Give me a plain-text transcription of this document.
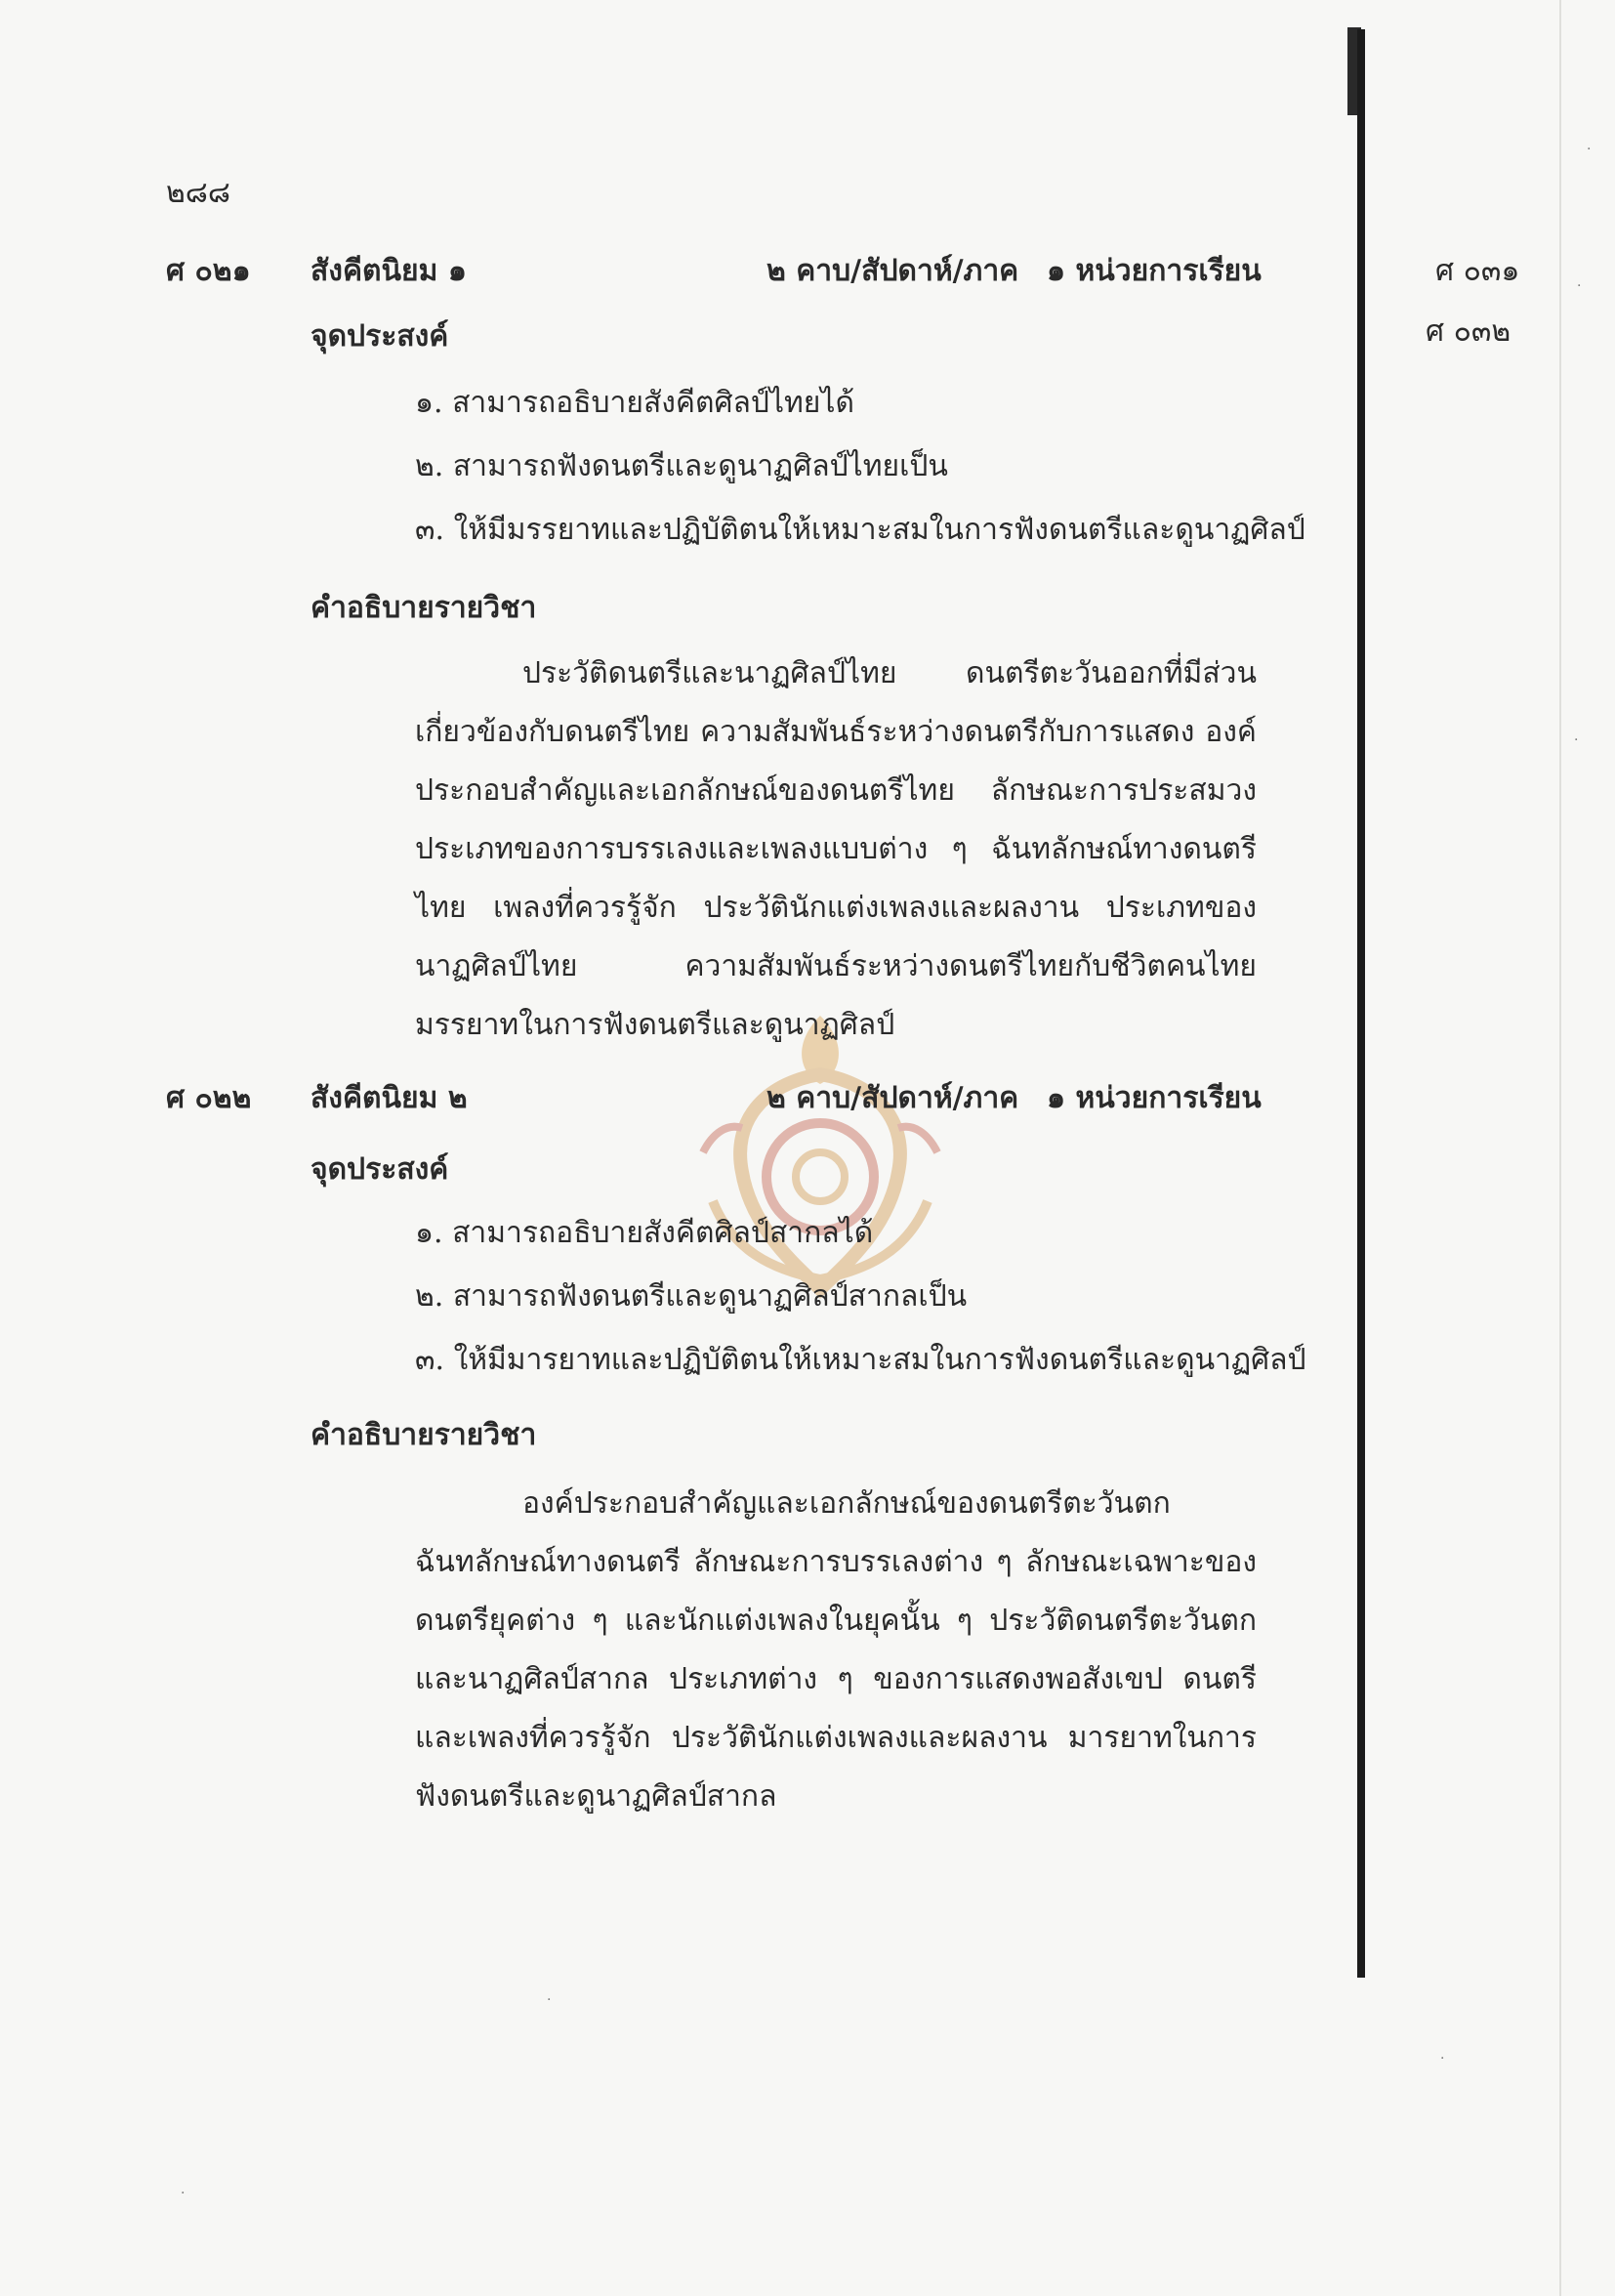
๒๘๘
ศ ๐๓๑
ศ ๐๓๒
ศ ๐๒๑ สังคีตนิยม ๑	๒ คาบ/สัปดาห์/ภาค ๑ หน่วยการเรียน
จุดประสงค์
๑. สามารถอธิบายสังคีตศิลป์ไทยได้
๒. สามารถฟังดนตรีและดูนาฏศิลป์ไทยเป็น
๓. ให้มีมรรยาทและปฏิบัติตนให้เหมาะสมในการฟังดนตรีและดูนาฏศิลป์
คำอธิบายรายวิชา
ประวัติดนตรีและนาฏศิลป์ไทย ดนตรีตะวันออกที่มีส่วนเกี่ยวข้องกับดนตรีไทย ความสัมพันธ์ระหว่างดนตรีกับการแสดง องค์ประกอบสำคัญและเอกลักษณ์ของดนตรีไทย ลักษณะการประสมวง ประเภทของการบรรเลงและเพลงแบบต่าง ๆ ฉันทลักษณ์ทางดนตรีไทย เพลงที่ควรรู้จัก ประวัตินักแต่งเพลงและผลงาน ประเภทของนาฏศิลป์ไทย ความสัมพันธ์ระหว่างดนตรีไทยกับชีวิตคนไทย มรรยาทในการฟังดนตรีและดูนาฏศิลป์
ศ ๐๒๒ สังคีตนิยม ๒	๒ คาบ/สัปดาห์/ภาค ๑ หน่วยการเรียน
จุดประสงค์
๑. สามารถอธิบายสังคีตศิลป์สากลได้
๒. สามารถฟังดนตรีและดูนาฏศิลป์สากลเป็น
๓. ให้มีมารยาทและปฏิบัติตนให้เหมาะสมในการฟังดนตรีและดูนาฏศิลป์
คำอธิบายรายวิชา
องค์ประกอบสำคัญและเอกลักษณ์ของดนตรีตะวันตก ฉันทลักษณ์ทางดนตรี ลักษณะการบรรเลงต่าง ๆ ลักษณะเฉพาะของดนตรียุคต่าง ๆ และนักแต่งเพลงในยุคนั้น ๆ ประวัติดนตรีตะวันตกและนาฏศิลป์สากล ประเภทต่าง ๆ ของการแสดงพอสังเขป ดนตรีและเพลงที่ควรรู้จัก ประวัตินักแต่งเพลงและผลงาน มารยาทในการฟังดนตรีและดูนาฏศิลป์สากล
·
·
·
·
·
·
